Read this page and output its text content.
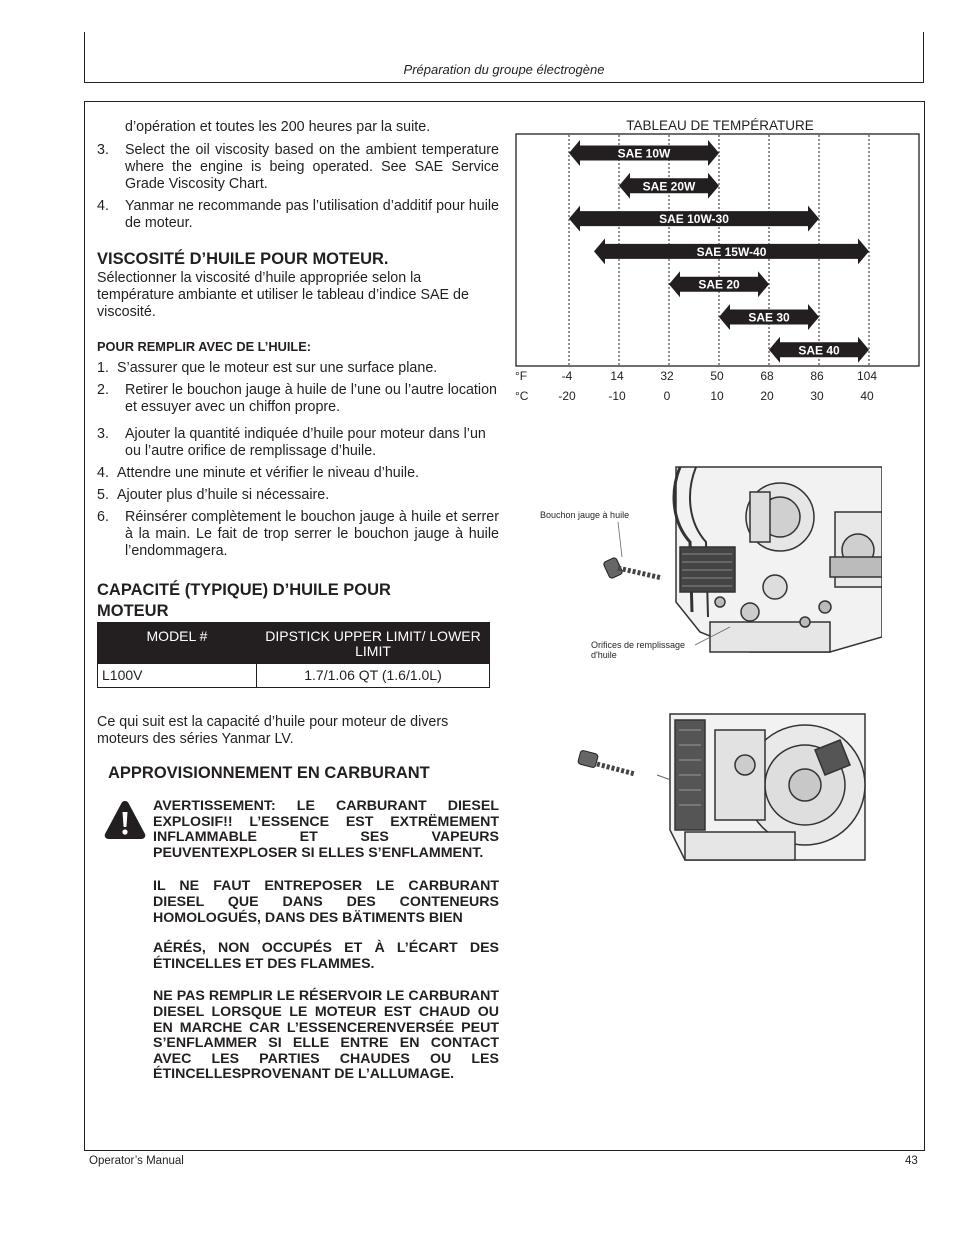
Préparation du groupe électrogène

d’opération et toutes les 200 heures par la suite.

3. Select the oil viscosity based on the ambient temperature where the engine is being operated. See SAE Service Grade Viscosity Chart.
4. Yanmar ne recommande pas l’utilisation d’additif pour huile de moteur.
VISCOSITÉ D’HUILE POUR MOTEUR.

Sélectionner la viscosité d’huile appropriée selon la température ambiante et utiliser le tableau d’indice SAE de viscosité.

POUR REMPLIR AVEC DE L’HUILE:
1. S’assurer que le moteur est sur une surface plane.
2. Retirer le bouchon jauge à huile de l’une ou l’autre location et essuyer avec un chiffon propre.
3. Ajouter la quantité indiquée d’huile pour moteur dans l’un ou l’autre orifice de remplissage d’huile.
4. Attendre une minute et vérifier le niveau d’huile.
5. Ajouter plus d’huile si nécessaire.
6. Réinsérer complètement le bouchon jauge à huile et serrer à la main. Le fait de trop serrer le bouchon jauge à huile l’endommagera.
CAPACITÉ (TYPIQUE) D’HUILE POUR
MOTEUR
MODEL #	DIPSTICK UPPER LIMIT/ LOWER LIMIT
L100V	1.7/1.06 QT (1.6/1.0L)

Ce qui suit est la capacité d’huile pour moteur de divers moteurs des séries Yanmar LV.

APPROVISIONNEMENT EN CARBURANT
AVERTISSEMENT: LE CARBURANT DIESEL EXPLOSIF!! L’ESSENCE EST EXTRËMEMENT INFLAMMABLE ET SES VAPEURS PEUVENTEXPLOSER SI ELLES S’ENFLAMMENT.
IL NE FAUT ENTREPOSER LE CARBURANT DIESEL QUE DANS DES CONTENEURS HOMOLOGUÉS, DANS DES BÄTIMENTS BIEN
AÉRÉS, NON OCCUPÉS ET À L’ÉCART DES ÉTINCELLES ET DES FLAMMES.
NE PAS REMPLIR LE RÉSERVOIR LE CARBURANT DIESEL LORSQUE LE MOTEUR EST CHAUD OU EN MARCHE CAR L’ESSENCERENVERSÉE PEUT S’ENFLAMMER SI ELLE ENTRE EN CONTACT AVEC LES PARTIES CHAUDES OU LES ÉTINCELLESPROVENANT DE L’ALLUMAGE.
TABLEAU DE TEMPÉRATURE
SAE 10W
SAE 20W
SAE 10W-30
SAE 15W-40
SAE 20
SAE 30
SAE 40
°F
°C
-4
-20
14
-10
32
0
50
10
68
20
86
30
104
40
Bouchon jauge à huile
Orifices de remplissage
d'huile
Operator’s Manual	43
